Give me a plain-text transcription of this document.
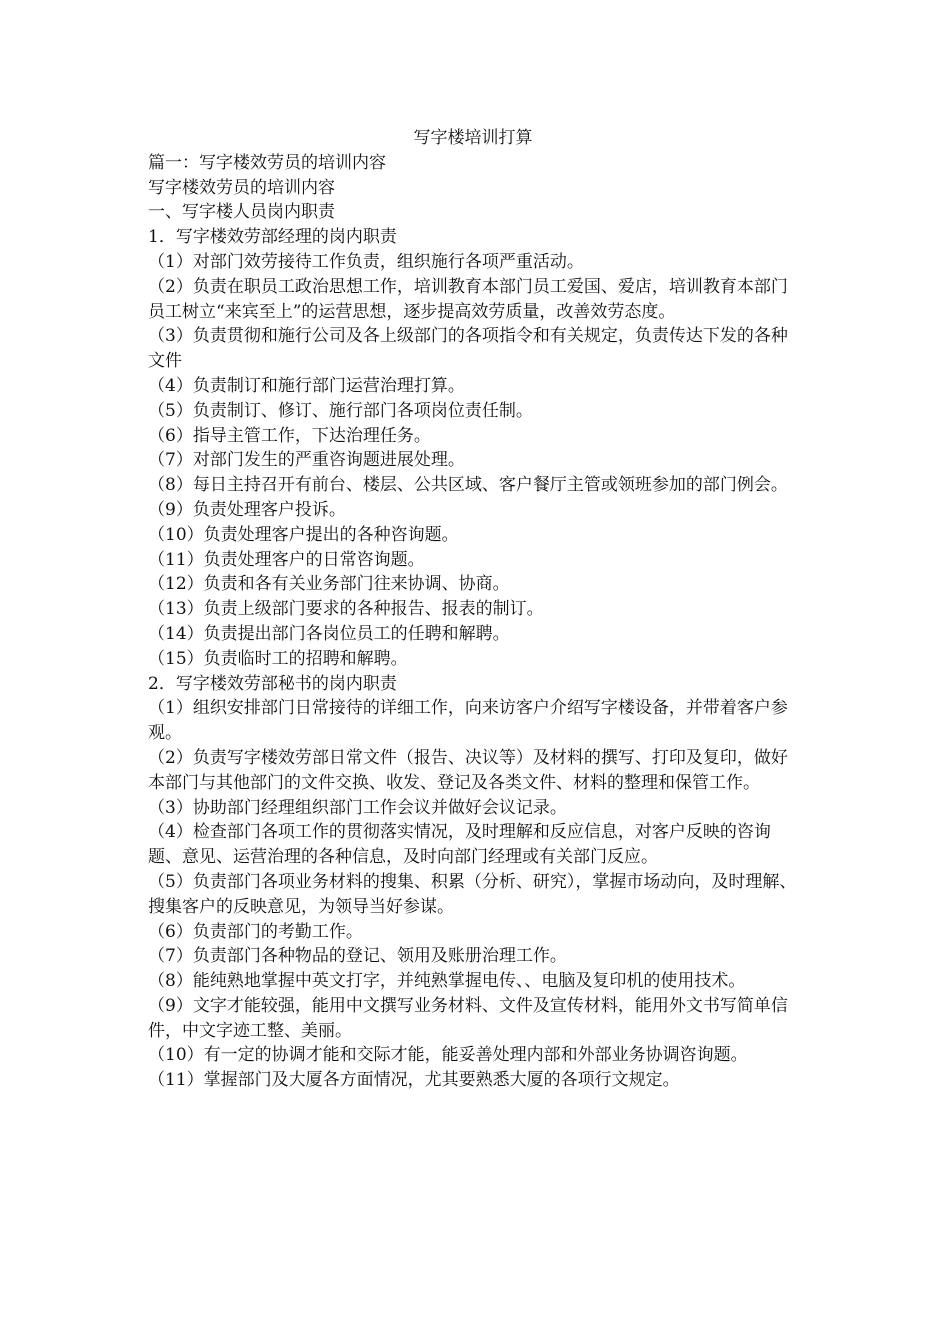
写字楼培训打算

篇一：写字楼效劳员的培训内容

写字楼效劳员的培训内容

一、写字楼人员岗内职责

1．写字楼效劳部经理的岗内职责

（1）对部门效劳接待工作负责，组织施行各项严重活动。

（2）负责在职员工政治思想工作，培训教育本部门员工爱国、爱店，培训教育本部门员工树立“来宾至上”的运营思想，逐步提高效劳质量，改善效劳态度。

（3）负责贯彻和施行公司及各上级部门的各项指令和有关规定，负责传达下发的各种文件

（4）负责制订和施行部门运营治理打算。

（5）负责制订、修订、施行部门各项岗位责任制。

（6）指导主管工作，下达治理任务。

（7）对部门发生的严重咨询题进展处理。

（8）每日主持召开有前台、楼层、公共区域、客户餐厅主管或领班参加的部门例会。

（9）负责处理客户投诉。

（10）负责处理客户提出的各种咨询题。

（11）负责处理客户的日常咨询题。

（12）负责和各有关业务部门往来协调、协商。

（13）负责上级部门要求的各种报告、报表的制订。

（14）负责提出部门各岗位员工的任聘和解聘。

（15）负责临时工的招聘和解聘。

2．写字楼效劳部秘书的岗内职责

（1）组织安排部门日常接待的详细工作，向来访客户介绍写字楼设备，并带着客户参观。

（2）负责写字楼效劳部日常文件（报告、决议等）及材料的撰写、打印及复印，做好本部门与其他部门的文件交换、收发、登记及各类文件、材料的整理和保管工作。

（3）协助部门经理组织部门工作会议并做好会议记录。

（4）检查部门各项工作的贯彻落实情况，及时理解和反应信息，对客户反映的咨询题、意见、运营治理的各种信息，及时向部门经理或有关部门反应。

（5）负责部门各项业务材料的搜集、积累（分析、研究），掌握市场动向，及时理解、搜集客户的反映意见，为领导当好参谋。

（6）负责部门的考勤工作。

（7）负责部门各种物品的登记、领用及账册治理工作。

（8）能纯熟地掌握中英文打字，并纯熟掌握电传、、电脑及复印机的使用技术。

（9）文字才能较强，能用中文撰写业务材料、文件及宣传材料，能用外文书写简单信件，中文字迹工整、美丽。

（10）有一定的协调才能和交际才能，能妥善处理内部和外部业务协调咨询题。

（11）掌握部门及大厦各方面情况，尤其要熟悉大厦的各项行文规定。
